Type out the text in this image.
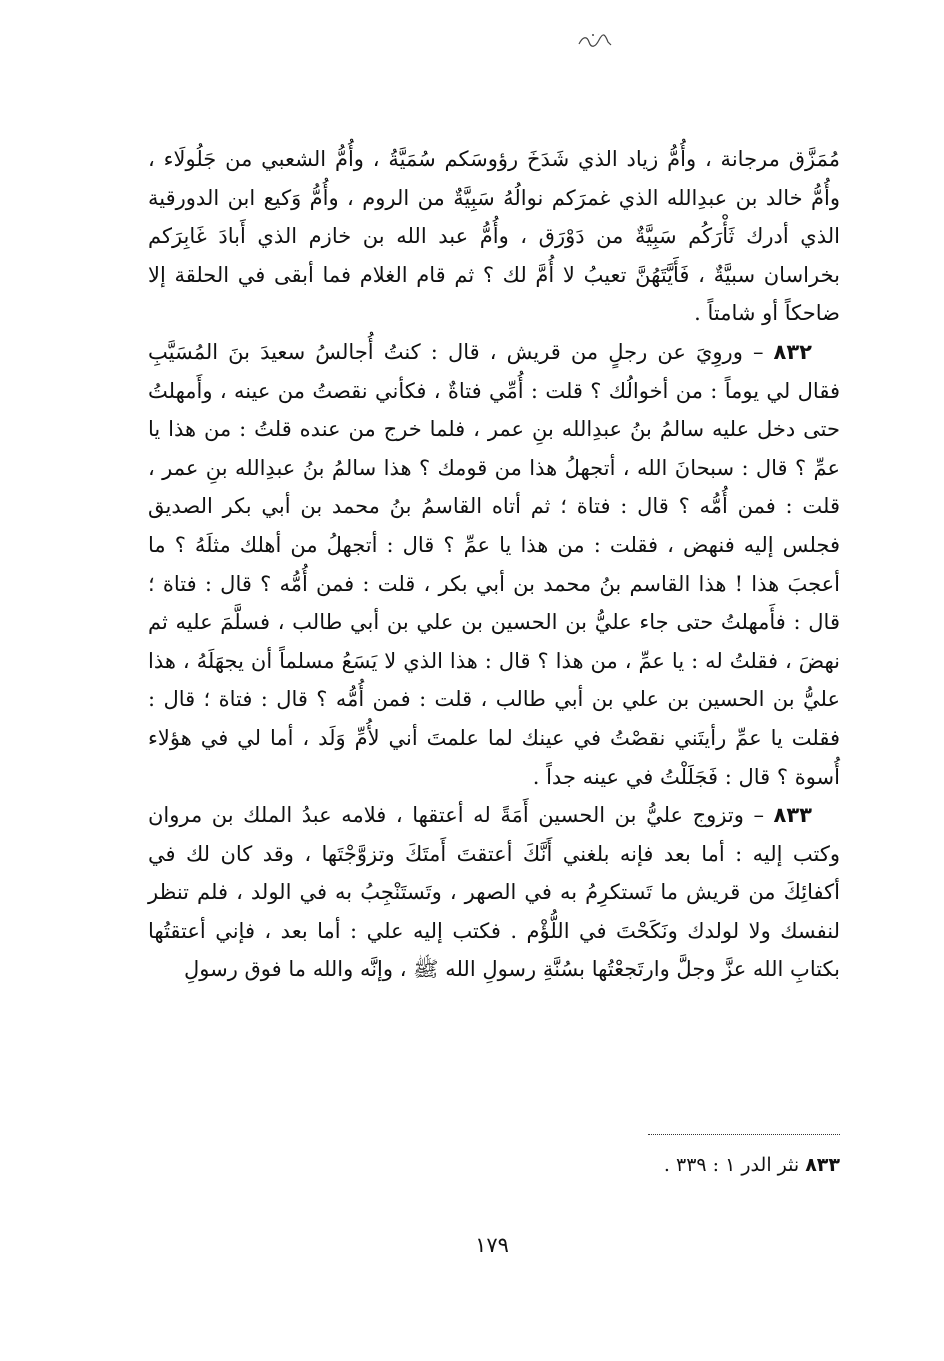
مُمَزَّق مرجانة ، وأُمُّ زياد الذي شَدَخَ رؤوسَكم سُمَيَّةُ ، وأُمُّ الشعبي من جَلُولَاء ، وأُمُّ خالد بن عبدِالله الذي غمرَكم نوالُهُ سَبِيَّةٌ من الروم ، وأُمُّ وَكيع ابن الدورقية الذي أدرك ثَأْرَكُم سَبِيَّةٌ من دَوْرَق ، وأُمُّ عبد الله بن خازم الذي أَبادَ غَابِرَكم بخراسان سبيَّةٌ ، فَأَيَّتَهُنَّ تعيبُ لا أُمَّ لك ؟ ثم قام الغلام فما أبقى في الحلقة إلا ضاحكاً أو شامتاً .

٨٣٢ – وروِيَ عن رجلٍ من قريش ، قال : كنتُ أُجالسُ سعيدَ بنَ المُسَيَّبِ فقال لي يوماً : من أخوالُك ؟ قلت : أُمِّي فتاةٌ ، فكأني نقصتُ من عينه ، وأَمهلتُ حتى دخل عليه سالمُ بنُ عبدِالله بنِ عمر ، فلما خرج من عنده قلتُ : من هذا يا عمِّ ؟ قال : سبحانَ الله ، أتجهلُ هذا من قومك ؟ هذا سالمُ بنُ عبدِالله بنِ عمر ، قلت : فمن أُمُّه ؟ قال : فتاة ؛ ثم أتاه القاسمُ بنُ محمد بن أبي بكر الصديق فجلس إليه فنهض ، فقلت : من هذا يا عمِّ ؟ قال : أتجهلُ من أهلك مثلَهُ ؟ ما أعجبَ هذا ! هذا القاسم بنُ محمد بن أبي بكر ، قلت : فمن أُمُّه ؟ قال : فتاة ؛ قال : فأَمهلتُ حتى جاء عليُّ بن الحسين بن علي بن أبي طالب ، فسلَّمَ عليه ثم نهضَ ، فقلتُ له : يا عمِّ ، من هذا ؟ قال : هذا الذي لا يَسَعُ مسلماً أن يجهَلَهُ ، هذا عليُّ بن الحسين بن علي بن أبي طالب ، قلت : فمن أُمُّه ؟ قال : فتاة ؛ قال : فقلت يا عمِّ رأيتَني نقصْتُ في عينك لما علمتَ أني لأُمِّ وَلَد ، أما لي في هؤلاء أُسوة ؟ قال : فَجَلَلْتُ في عينه جداً .

٨٣٣ – وتزوج عليُّ بن الحسين أَمَةً له أعتقها ، فلامه عبدُ الملك بن مروان وكتب إليه : أما بعد فإنه بلغني أَنَّكَ أعتقتَ أَمتَكَ وتزوَّجْتَها ، وقد كان لك في أكفائِكَ من قريش ما تَستكرِمُ به في الصهر ، وتَستَنْجِبُ به في الولد ، فلم تنظر لنفسك ولا لولدك ونَكَحْتَ في اللُّؤْم . فكتب إليه علي : أما بعد ، فإني أعتقتُها بكتابِ الله عزَّ وجلَّ وارتَجعْتُها بسُنَّةِ رسولِ الله ﷺ ، وإنَّه والله ما فوق رسولِ

٨٣٣ نثر الدر ١ : ٣٣٩ .
١٧٩
